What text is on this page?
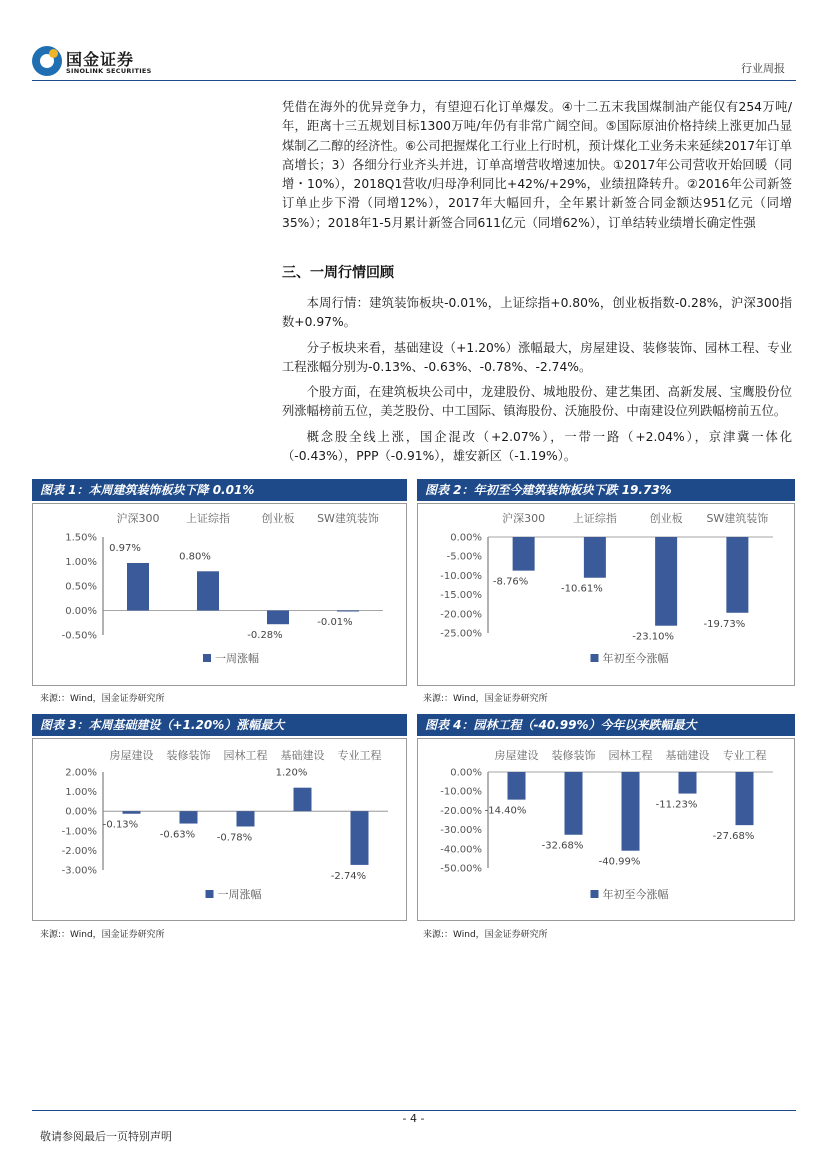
国金证券
SINOLINK SECURITIES	行业周报

凭借在海外的优异竞争力，有望迎石化订单爆发。④十二五末我国煤制油产能仅有254万吨/年，距离十三五规划目标1300万吨/年仍有非常广阔空间。⑤国际原油价格持续上涨更加凸显煤制乙二醇的经济性。⑥公司把握煤化工行业上行时机，预计煤化工业务未来延续2017年订单高增长；3）各细分行业齐头并进，订单高增营收增速加快。①2017年公司营收开始回暖（同增・10%），2018Q1营收/归母净利同比+42%/+29%，业绩扭降转升。②2016年公司新签订单止步下滑（同增12%），2017年大幅回升，全年累计新签合同金额达951亿元（同增35%）；2018年1-5月累计新签合同611亿元（同增62%），订单结转业绩增长确定性强

三、一周行情回顾

本周行情：建筑装饰板块-0.01%，上证综指+0.80%，创业板指数-0.28%，沪深300指数+0.97%。

分子板块来看，基础建设（+1.20%）涨幅最大，房屋建设、装修装饰、园林工程、专业工程涨幅分别为-0.13%、-0.63%、-0.78%、-2.74%。

个股方面，在建筑板块公司中，龙建股份、城地股份、建艺集团、高新发展、宝鹰股份位列涨幅榜前五位，美芝股份、中工国际、镇海股份、沃施股份、中南建设位列跌幅榜前五位。

概念股全线上涨，国企混改（+2.07%），一带一路（+2.04%），京津冀一体化（-0.43%），PPP（-0.91%），雄安新区（-1.19%）。

图表 1：本周建筑装饰板块下降 0.01%
1.50%
1.00%
0.50%
0.00%
-0.50%
沪深300
0.97%
上证综指
0.80%
创业板
-0.28%
SW建筑装饰
-0.01%
一周涨幅
来源:：Wind，国金证券研究所
图表 2：年初至今建筑装饰板块下跌 19.73%
0.00%
-5.00%
-10.00%
-15.00%
-20.00%
-25.00%
沪深300
-8.76%
上证综指
-10.61%
创业板
-23.10%
SW建筑装饰
-19.73%
年初至今涨幅
来源:：Wind，国金证券研究所
图表 3：本周基础建设（+1.20%）涨幅最大
2.00%
1.00%
0.00%
-1.00%
-2.00%
-3.00%
房屋建设
-0.13%
装修装饰
-0.63%
园林工程
-0.78%
基础建设
1.20%
专业工程
-2.74%
一周涨幅
来源:：Wind，国金证券研究所
图表 4：园林工程（-40.99%）今年以来跌幅最大
0.00%
-10.00%
-20.00%
-30.00%
-40.00%
-50.00%
房屋建设
-14.40%
装修装饰
-32.68%
园林工程
-40.99%
基础建设
-11.23%
专业工程
-27.68%
年初至今涨幅
来源:：Wind，国金证券研究所
- 4 -
敬请参阅最后一页特别声明
